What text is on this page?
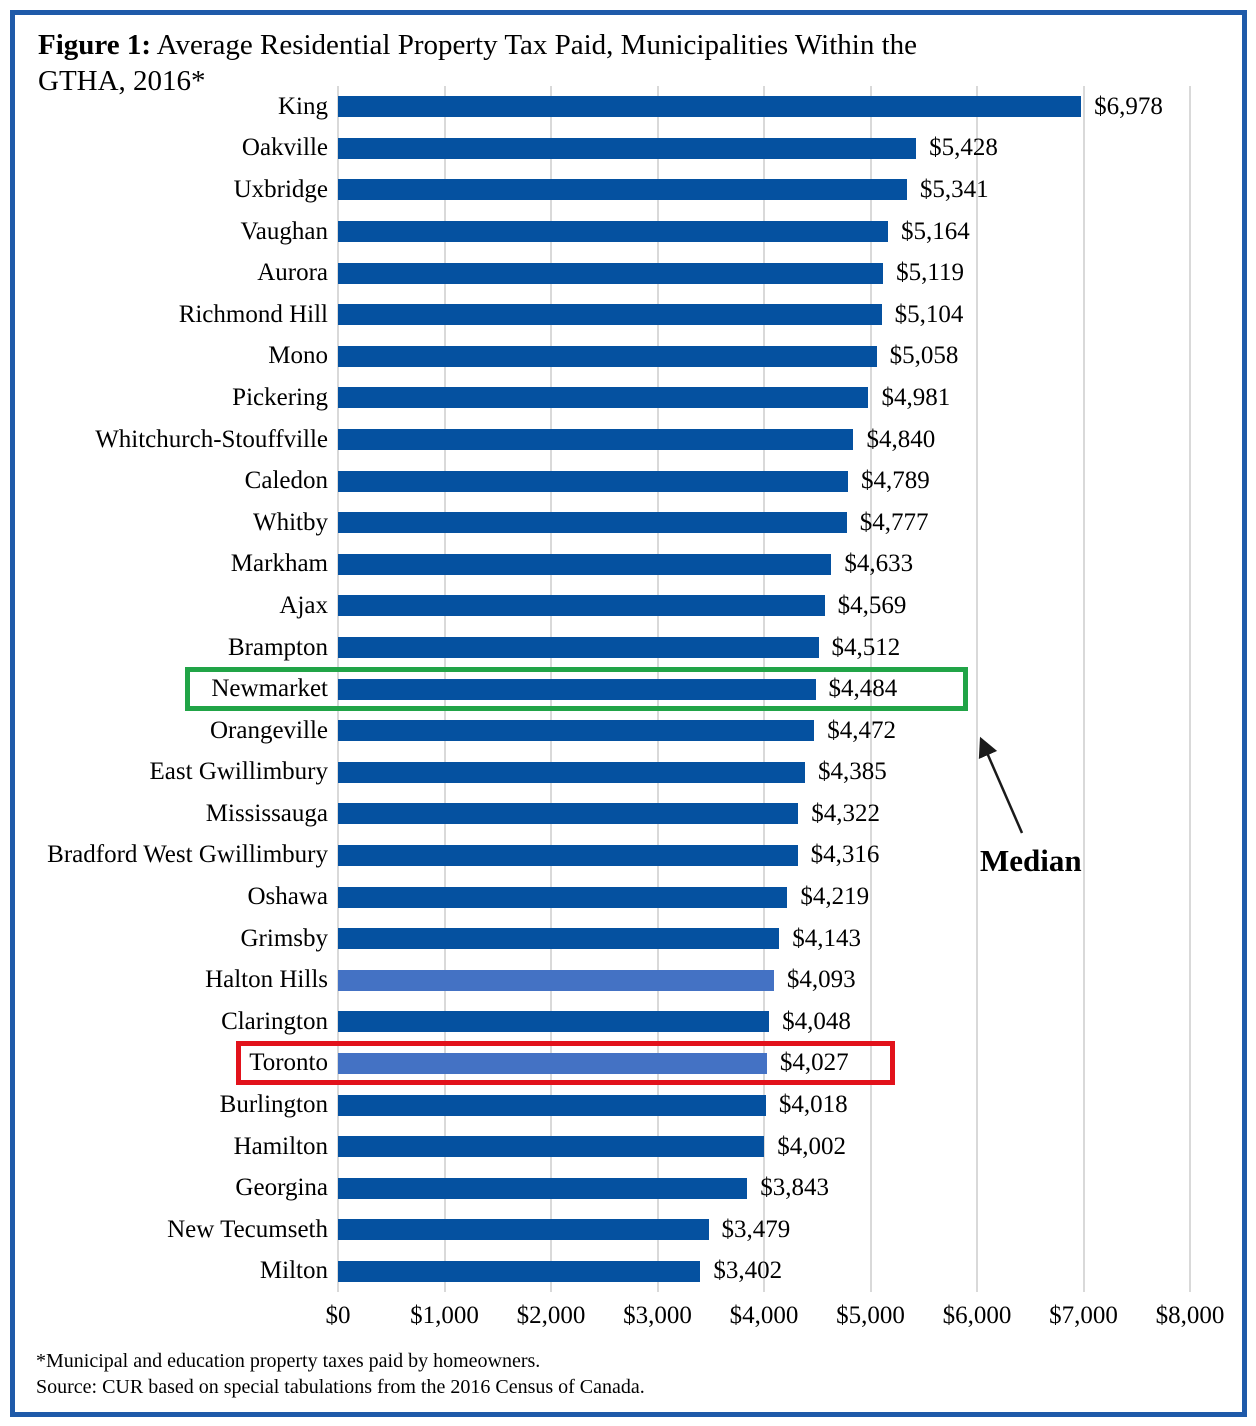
Figure 1: Average Residential Property Tax Paid, Municipalities Within the
GTHA, 2016*
King	$6,978
Oakville	$5,428
Uxbridge	$5,341
Vaughan	$5,164
Aurora	$5,119
Richmond Hill	$5,104
Mono	$5,058
Pickering	$4,981
Whitchurch-Stouffville	$4,840
Caledon	$4,789
Whitby	$4,777
Markham	$4,633
Ajax	$4,569
Brampton	$4,512
Newmarket	$4,484
Orangeville	$4,472
East Gwillimbury	$4,385
Mississauga	$4,322
Bradford West Gwillimbury	$4,316
Oshawa	$4,219
Grimsby	$4,143
Halton Hills	$4,093
Clarington	$4,048
Toronto	$4,027
Burlington	$4,018
Hamilton	$4,002
Georgina	$3,843
New Tecumseth	$3,479
Milton	$3,402
$0 $1,000 $2,000 $3,000 $4,000 $5,000 $6,000 $7,000 $8,000
Median
*Municipal and education property taxes paid by homeowners.
Source: CUR based on special tabulations from the 2016 Census of Canada.
